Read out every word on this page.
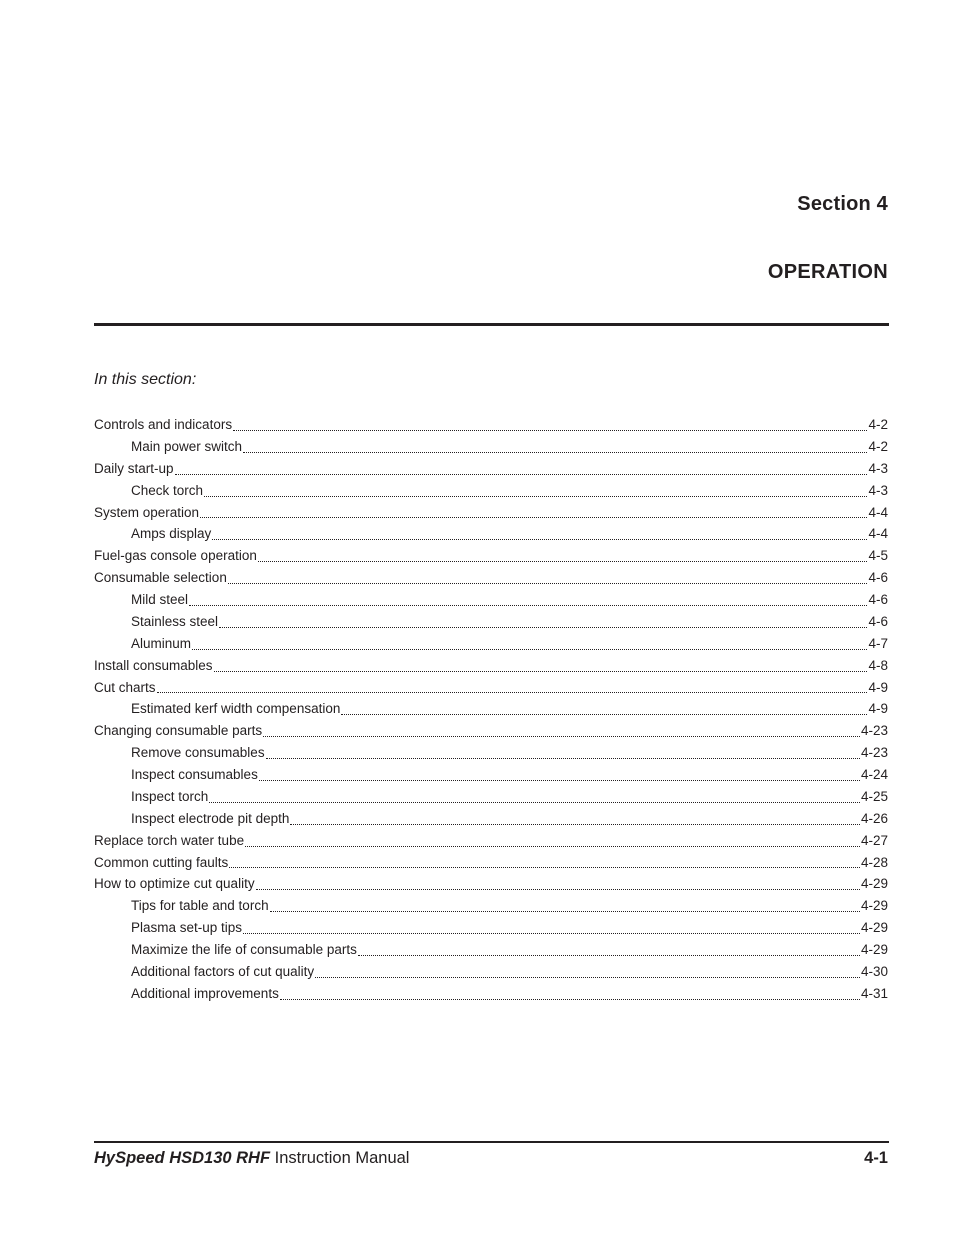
Section 4
OPERATION
In this section:
Controls and indicators	4-2
Main power switch	4-2
Daily start-up	4-3
Check torch	4-3
System operation	4-4
Amps display	4-4
Fuel-gas console operation	4-5
Consumable selection	4-6
Mild steel	4-6
Stainless steel	4-6
Aluminum	4-7
Install consumables	4-8
Cut charts	4-9
Estimated kerf width compensation	4-9
Changing consumable parts	4-23
Remove consumables	4-23
Inspect consumables	4-24
Inspect torch	4-25
Inspect electrode pit depth	4-26
Replace torch water tube	4-27
Common cutting faults	4-28
How to optimize cut quality	4-29
Tips for table and torch	4-29
Plasma set-up tips	4-29
Maximize the life of consumable parts	4-29
Additional factors of cut quality	4-30
Additional improvements	4-31
HySpeed HSD130 RHF Instruction Manual	4-1
